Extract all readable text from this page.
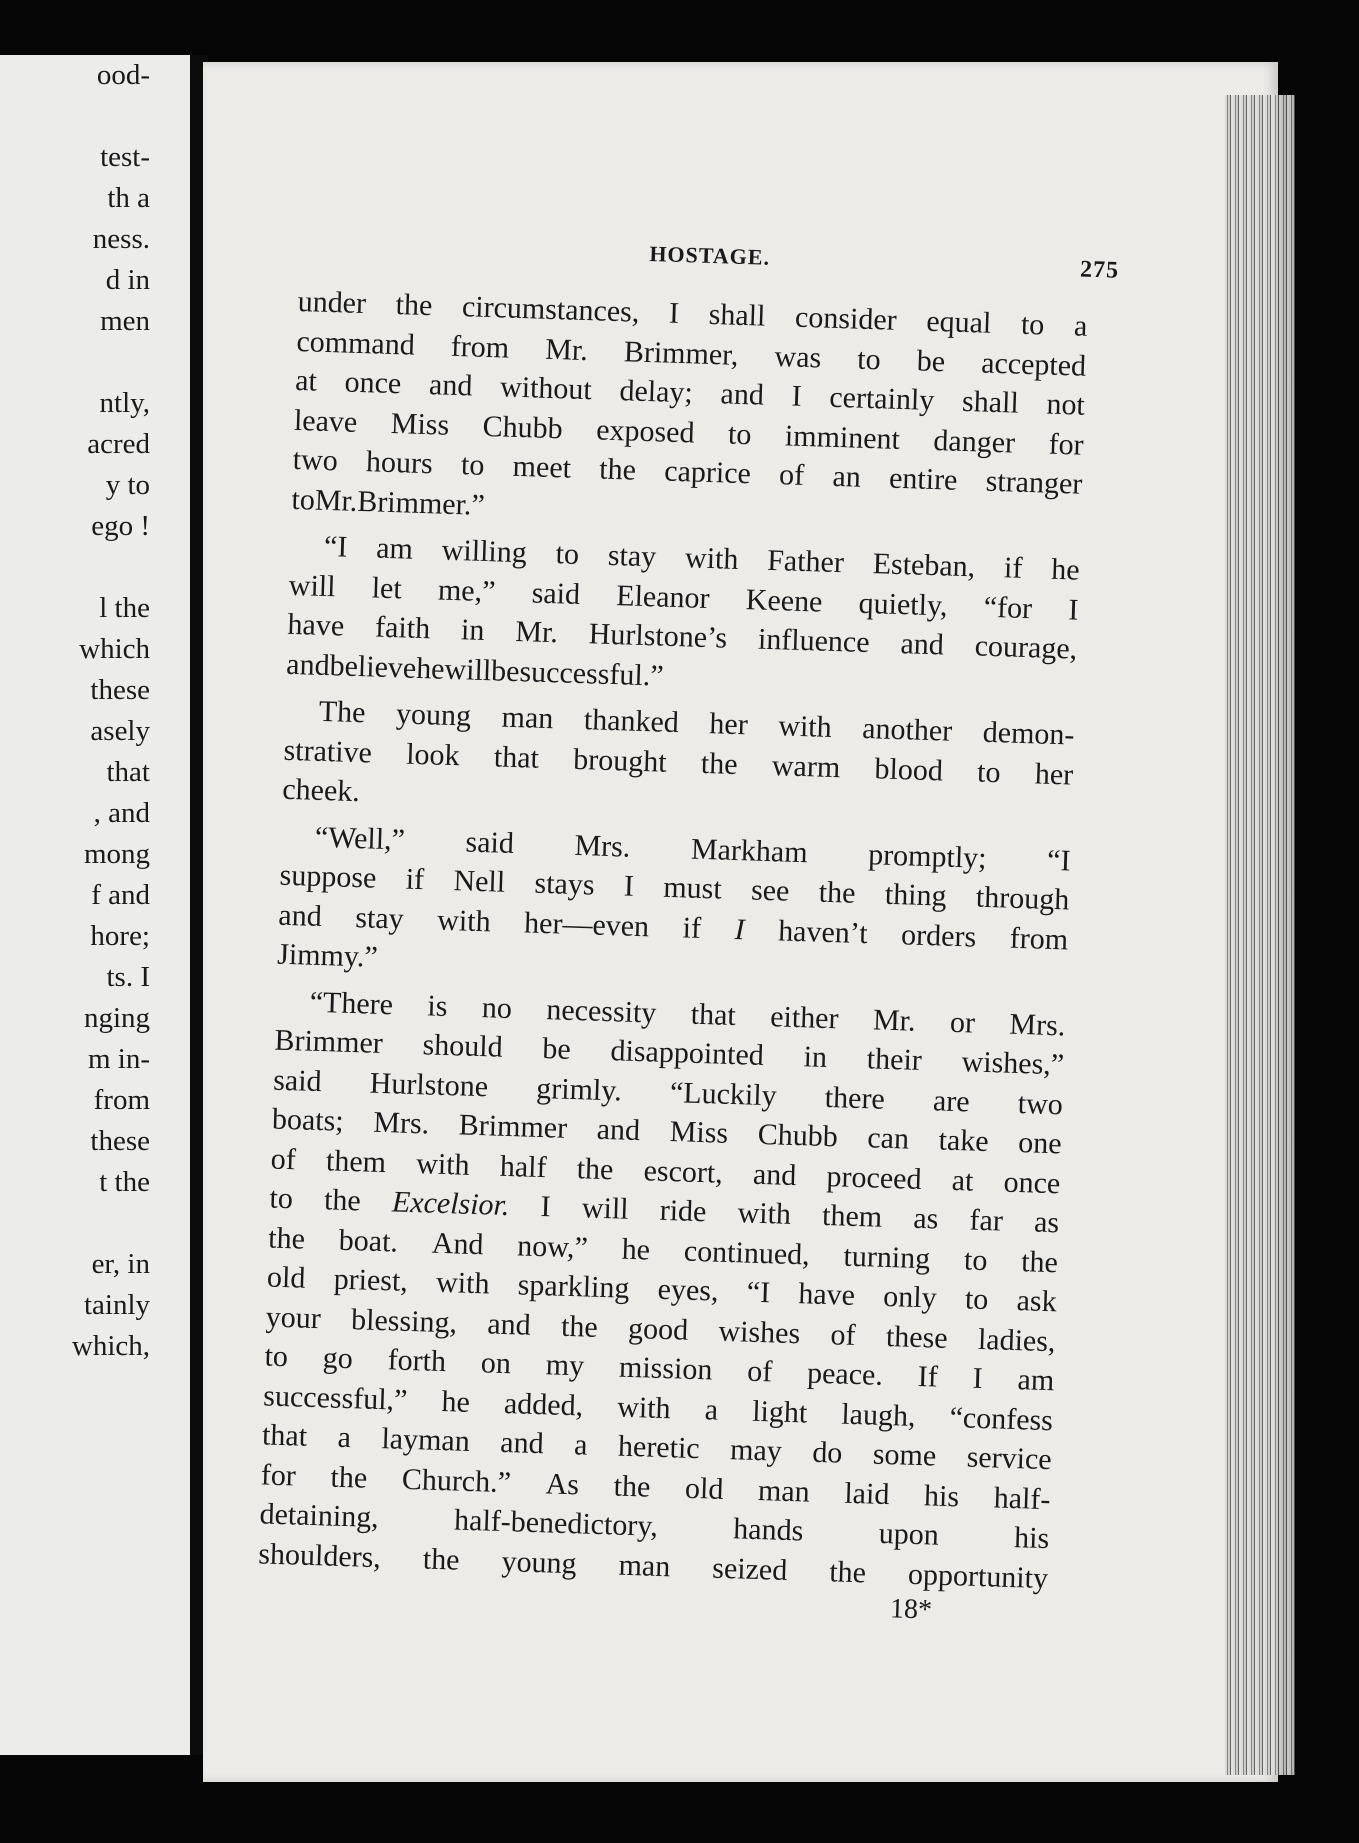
ood-
test-
th a
ness.
d in
men
ntly,
acred
y to
ego !
l the
which
these
asely
that
, and
mong
f and
hore;
ts. I
nging
m in-
from
these
t the
er, in
tainly
which,
HOSTAGE.
275
under the circumstances, I shall consider equal to a
command from Mr. Brimmer, was to be accepted
at once and without delay; and I certainly shall not
leave Miss Chubb exposed to imminent danger for
two hours to meet the caprice of an entire stranger
to
Mr.
Brimmer.”
“I am willing to stay with Father Esteban, if he
will let me,” said Eleanor Keene quietly, “for I
have faith in Mr. Hurlstone’s influence and courage,
and
believe
he
will
be
successful.”
The young man thanked her with another demon-
strative look that brought the warm blood to her
cheek.
“Well,” said Mrs. Markham promptly; “I
suppose if Nell stays I must see the thing through
and stay with her—even if I haven’t orders from
Jimmy.”
“There is no necessity that either Mr. or Mrs.
Brimmer should be disappointed in their wishes,”
said Hurlstone grimly. “Luckily there are two
boats; Mrs. Brimmer and Miss Chubb can take one
of them with half the escort, and proceed at once
to the Excelsior. I will ride with them as far as
the boat. And now,” he continued, turning to the
old priest, with sparkling eyes, “I have only to ask
your blessing, and the good wishes of these ladies,
to go forth on my mission of peace. If I am
successful,” he added, with a light laugh, “confess
that a layman and a heretic may do some service
for the Church.” As the old man laid his half-
detaining, half-benedictory, hands upon his
shoulders, the young man seized the opportunity
18*
